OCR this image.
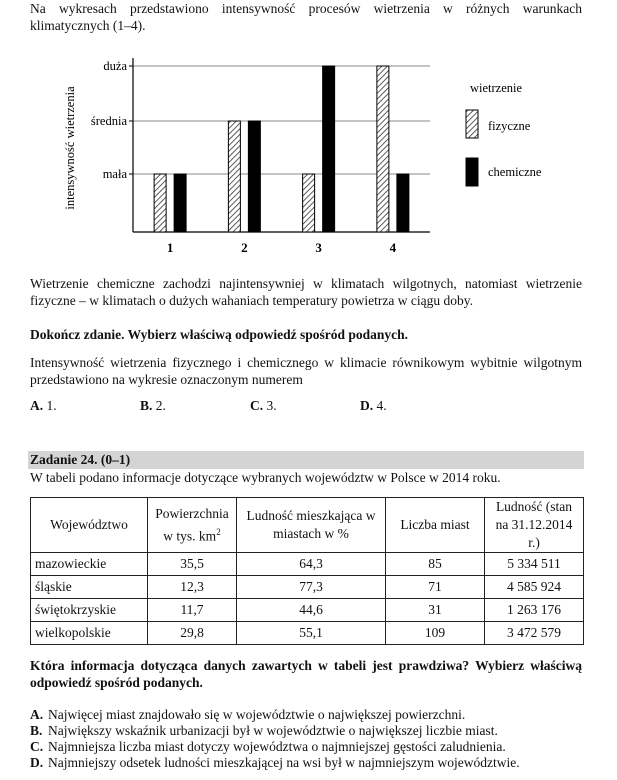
Na wykresach przedstawiono intensywność procesów wietrzenia w różnych warunkach klimatycznych (1–4).
mała
średnia
duża
intensywność wietrzenia
1	2	3	4
wietrzenie
fizyczne
chemiczne
Wietrzenie chemiczne zachodzi najintensywniej w klimatach wilgotnych, natomiast wietrzenie fizyczne – w klimatach o dużych wahaniach temperatury powietrza w ciągu doby.
Dokończ zdanie. Wybierz właściwą odpowiedź spośród podanych.
Intensywność wietrzenia fizycznego i chemicznego w klimacie równikowym wybitnie wilgotnym przedstawiono na wykresie oznaczonym numerem
A. 1.	B. 2.	C. 3.	D. 4.
Zadanie 24. (0–1)
W tabeli podano informacje dotyczące wybranych województw w Polsce w 2014 roku.
Województwo	Powierzchnia w tys. $km^2$	Ludność mieszkająca w miastach w %	Liczba miast	Ludność (stan na 31.12.2014 r.)
mazowieckie	35,5	64,3	85	5 334 511
śląskie	12,3	77,3	71	4 585 924
świętokrzyskie	11,7	44,6	31	1 263 176
wielkopolskie	29,8	55,1	109	3 472 579
Która informacja dotycząca danych zawartych w tabeli jest prawdziwa? Wybierz właściwą odpowiedź spośród podanych.
A. Najwięcej miast znajdowało się w województwie o największej powierzchni.
B. Największy wskaźnik urbanizacji był w województwie o największej liczbie miast.
C. Najmniejsza liczba miast dotyczy województwa o najmniejszej gęstości zaludnienia.
D. Najmniejszy odsetek ludności mieszkającej na wsi był w najmniejszym województwie.
